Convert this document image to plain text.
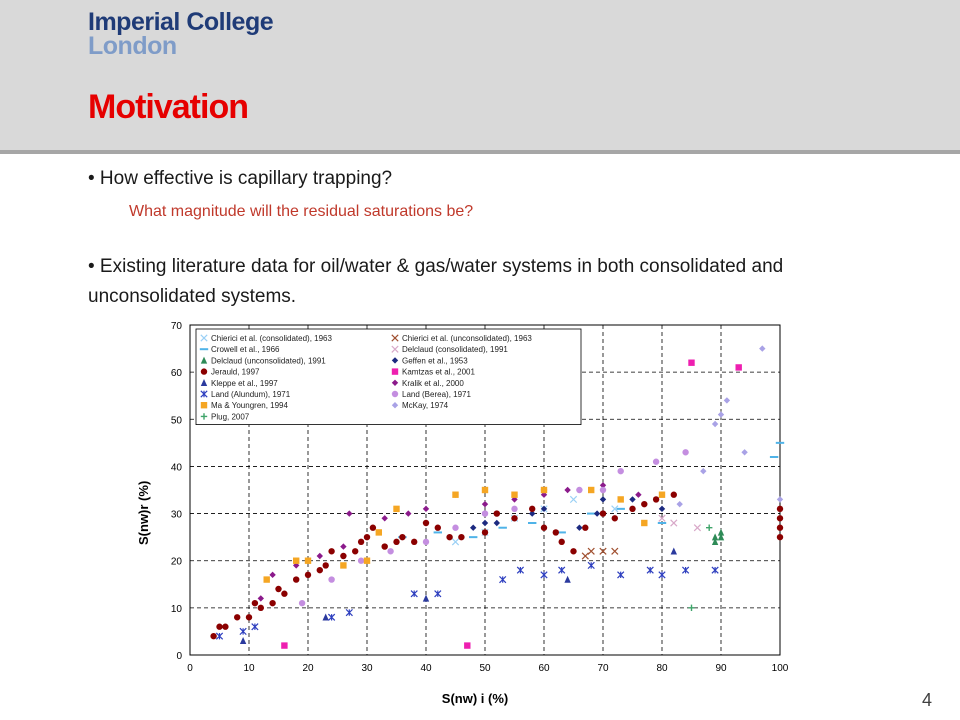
Imperial College
London
Motivation
• How effective is capillary trapping?
What magnitude will the residual saturations be?
• Existing literature data for oil/water & gas/water systems in both consolidated and unconsolidated systems.
4
0	10	20	30	40	50	60	70	80	90	100
0
10
20
30
40
50
60
70
S(nw) i (%)
S(nw)r (%)
Chierici et al. (consolidated), 1963	Chierici et al. (unconsolidated), 1963
Crowell et al., 1966	Delclaud (consolidated), 1991
Delclaud (unconsolidated), 1991	Geffen et al., 1953
Jerauld, 1997	Kamtzas et al., 2001
Kleppe et al., 1997	Kralik et al., 2000
Land (Alundum), 1971	Land (Berea), 1971
Ma & Youngren, 1994	McKay, 1974
Plug, 2007
